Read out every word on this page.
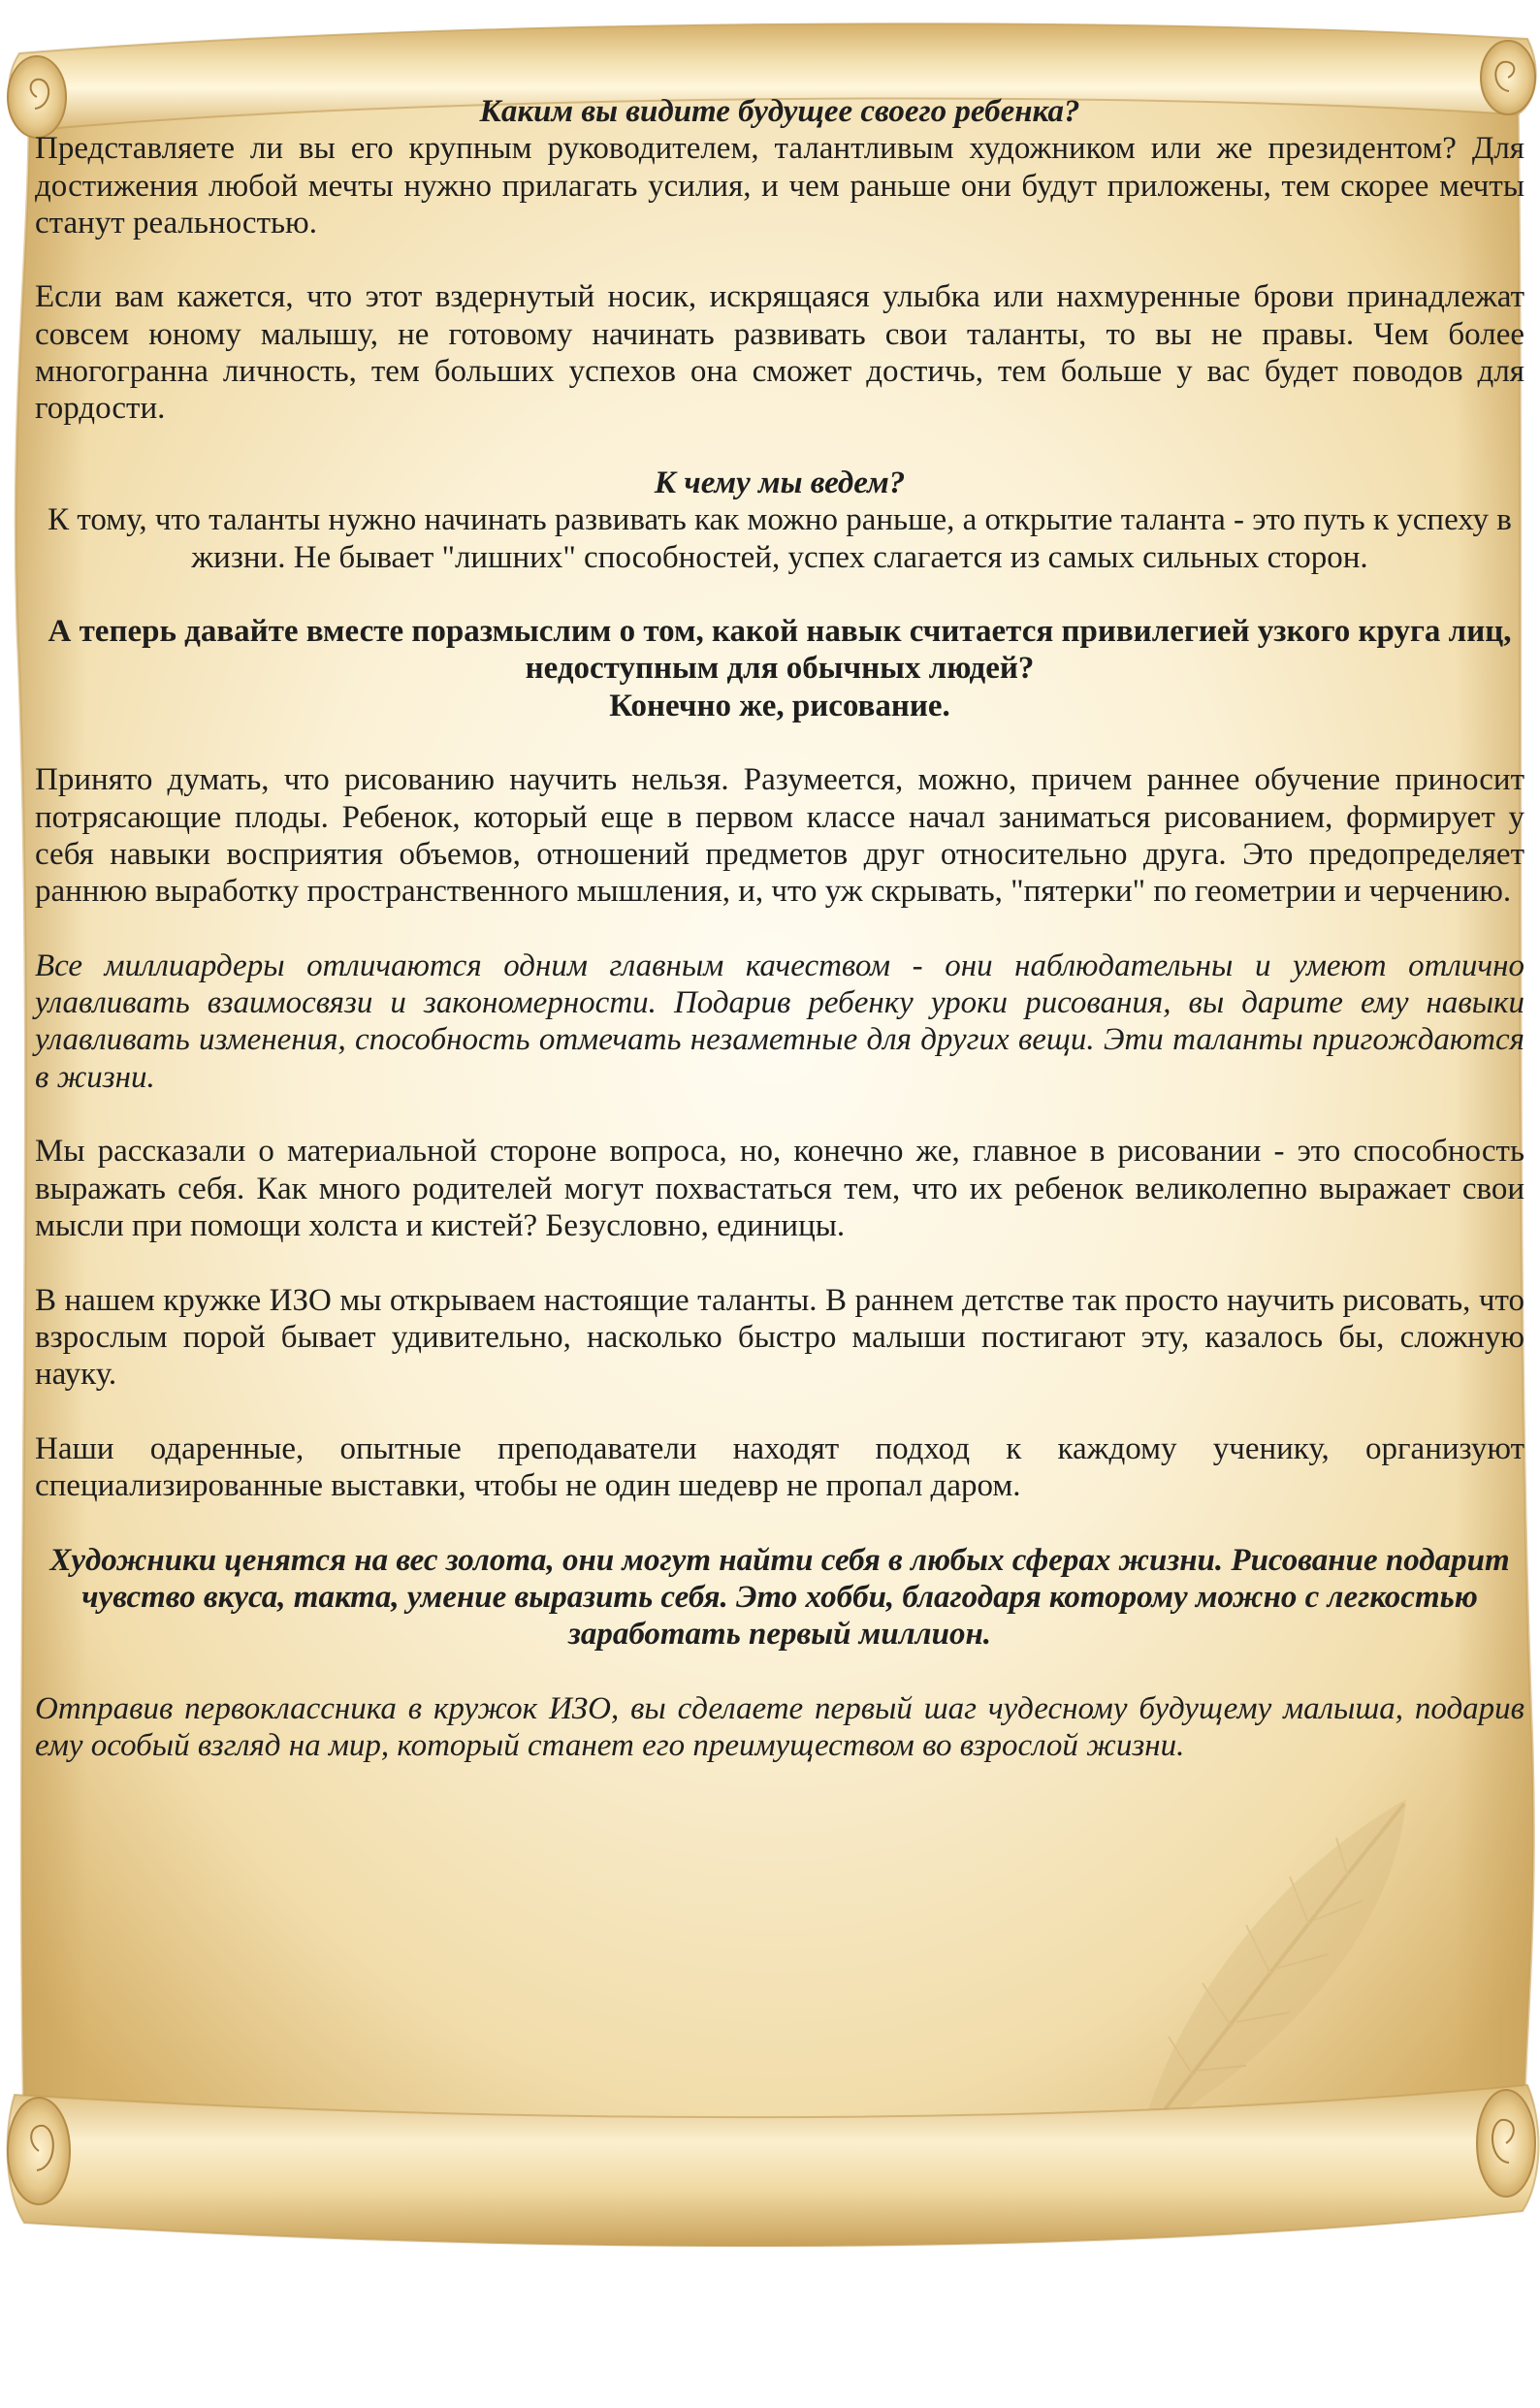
Каким вы видите будущее своего ребенка?

Представляете ли вы его крупным руководителем, талантливым художником или же президентом? Для достижения любой мечты нужно прилагать усилия, и чем раньше они будут приложены, тем скорее мечты станут реальностью.

Если вам кажется, что этот вздернутый носик, искрящаяся улыбка или нахмуренные брови принадлежат совсем юному малышу, не готовому начинать развивать свои таланты, то вы не правы. Чем более многогранна личность, тем больших успехов она сможет достичь, тем больше у вас будет поводов для гордости.

К чему мы ведем?

К тому, что таланты нужно начинать развивать как можно раньше, а открытие таланта - это путь к успеху в жизни. Не бывает "лишних" способностей, успех слагается из самых сильных сторон.

А теперь давайте вместе поразмыслим о том, какой навык считается привилегией узкого круга лиц, недоступным для обычных людей?

Конечно же, рисование.

Принято думать, что рисованию научить нельзя. Разумеется, можно, причем раннее обучение приносит потрясающие плоды. Ребенок, который еще в первом классе начал заниматься рисованием, формирует у себя навыки восприятия объемов, отношений предметов друг относительно друга. Это предопределяет раннюю выработку пространственного мышления, и, что уж скрывать, "пятерки" по геометрии и черчению.

Все миллиардеры отличаются одним главным качеством - они наблюдательны и умеют отлично улавливать взаимосвязи и закономерности. Подарив ребенку уроки рисования, вы дарите ему навыки улавливать изменения, способность отмечать незаметные для других вещи. Эти таланты пригождаются в жизни.

Мы рассказали о материальной стороне вопроса, но, конечно же, главное в рисовании - это способность выражать себя. Как много родителей могут похвастаться тем, что их ребенок великолепно выражает свои мысли при помощи холста и кистей? Безусловно, единицы.

В нашем кружке ИЗО мы открываем настоящие таланты. В раннем детстве так просто научить рисовать, что взрослым порой бывает удивительно, насколько быстро малыши постигают эту, казалось бы, сложную науку.

Наши одаренные, опытные преподаватели находят подход к каждому ученику, организуют специализированные выставки, чтобы не один шедевр не пропал даром.

Художники ценятся на вес золота, они могут найти себя в любых сферах жизни. Рисование подарит чувство вкуса, такта, умение выразить себя. Это хобби, благодаря которому можно с легкостью заработать первый миллион.

Отправив первоклассника в кружок ИЗО, вы сделаете первый шаг чудесному будущему малыша, подарив ему особый взгляд на мир, который станет его преимуществом во взрослой жизни.
